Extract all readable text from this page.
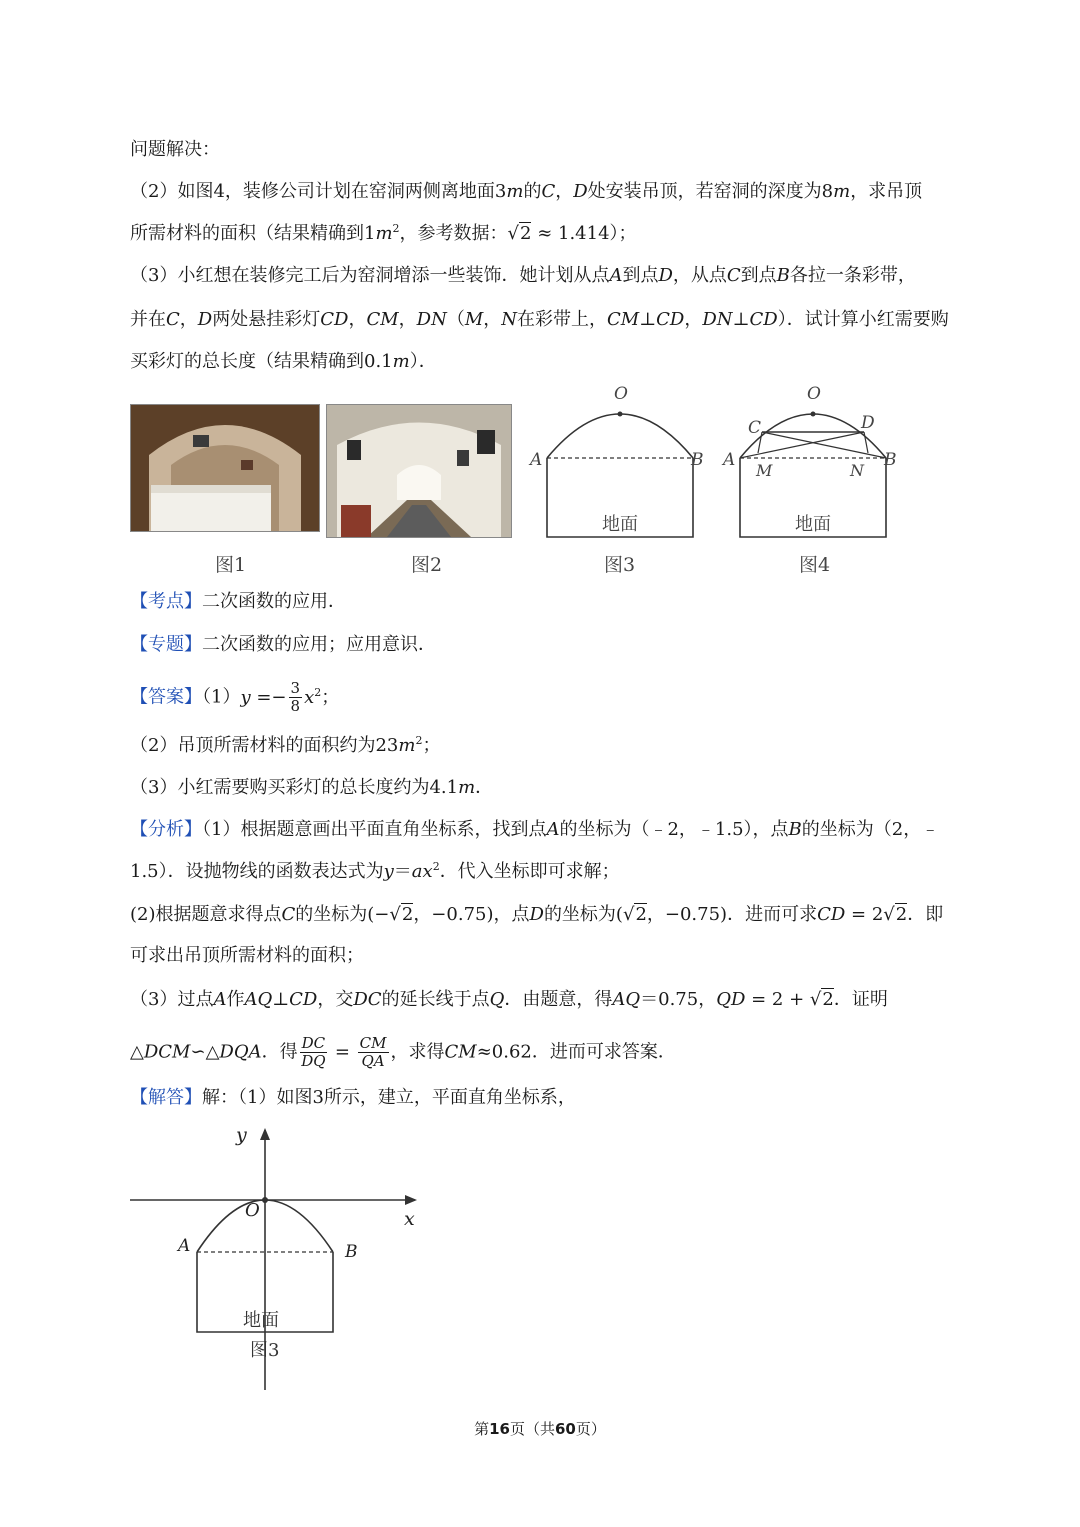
问题解决：
（2）如图4，装修公司计划在窑洞两侧离地面3m的C，D处安装吊顶，若窑洞的深度为8m，求吊顶
所需材料的面积（结果精确到$1m^2$，参考数据：√2 ≈ 1.414）；
（3）小红想在装修完工后为窑洞增添一些装饰．她计划从点A到点D，从点C到点B各拉一条彩带，
并在C，D两处悬挂彩灯CD，CM，DN（M，N在彩带上，CM⊥CD，DN⊥CD）．试计算小红需要购
买彩灯的总长度（结果精确到0.1m）．
图1	图2
O
A	B
地面
图3
O
C	D
A	B
M	N
地面
图4
【考点】二次函数的应用．
【专题】二次函数的应用；应用意识．
【答案】$(1)y =- \frac{3}{8} x^2$；
（2）吊顶所需材料的面积约为$23m^2$；
（3）小红需要购买彩灯的总长度约为4.1m．
【分析】（1）根据题意画出平面直角坐标系，找到点A的坐标为（﹣2，﹣1.5），点B的坐标为（2，﹣
1.5）．设抛物线的函数表达式为$y=ax^2$．代入坐标即可求解；
(2)根据题意求得点C的坐标为(−√2，−0.75)，点D的坐标为(√2，−0.75)．进而可求CD = 2√2．即
可求出吊顶所需材料的面积；
（3）过点A作AQ⊥CD，交DC的延长线于点Q．由题意，得AQ＝0.75，QD = 2 + √2．证明
△DCM∽△DQA．得 $\frac{DC}{DQ} = \frac{CM}{QA}$ ，求得CM≈0.62．进而可求答案．
【解答】解：（1）如图3所示，建立，平面直角坐标系，
y
x
O
A	B
地面
图3
第16页（共60页）
